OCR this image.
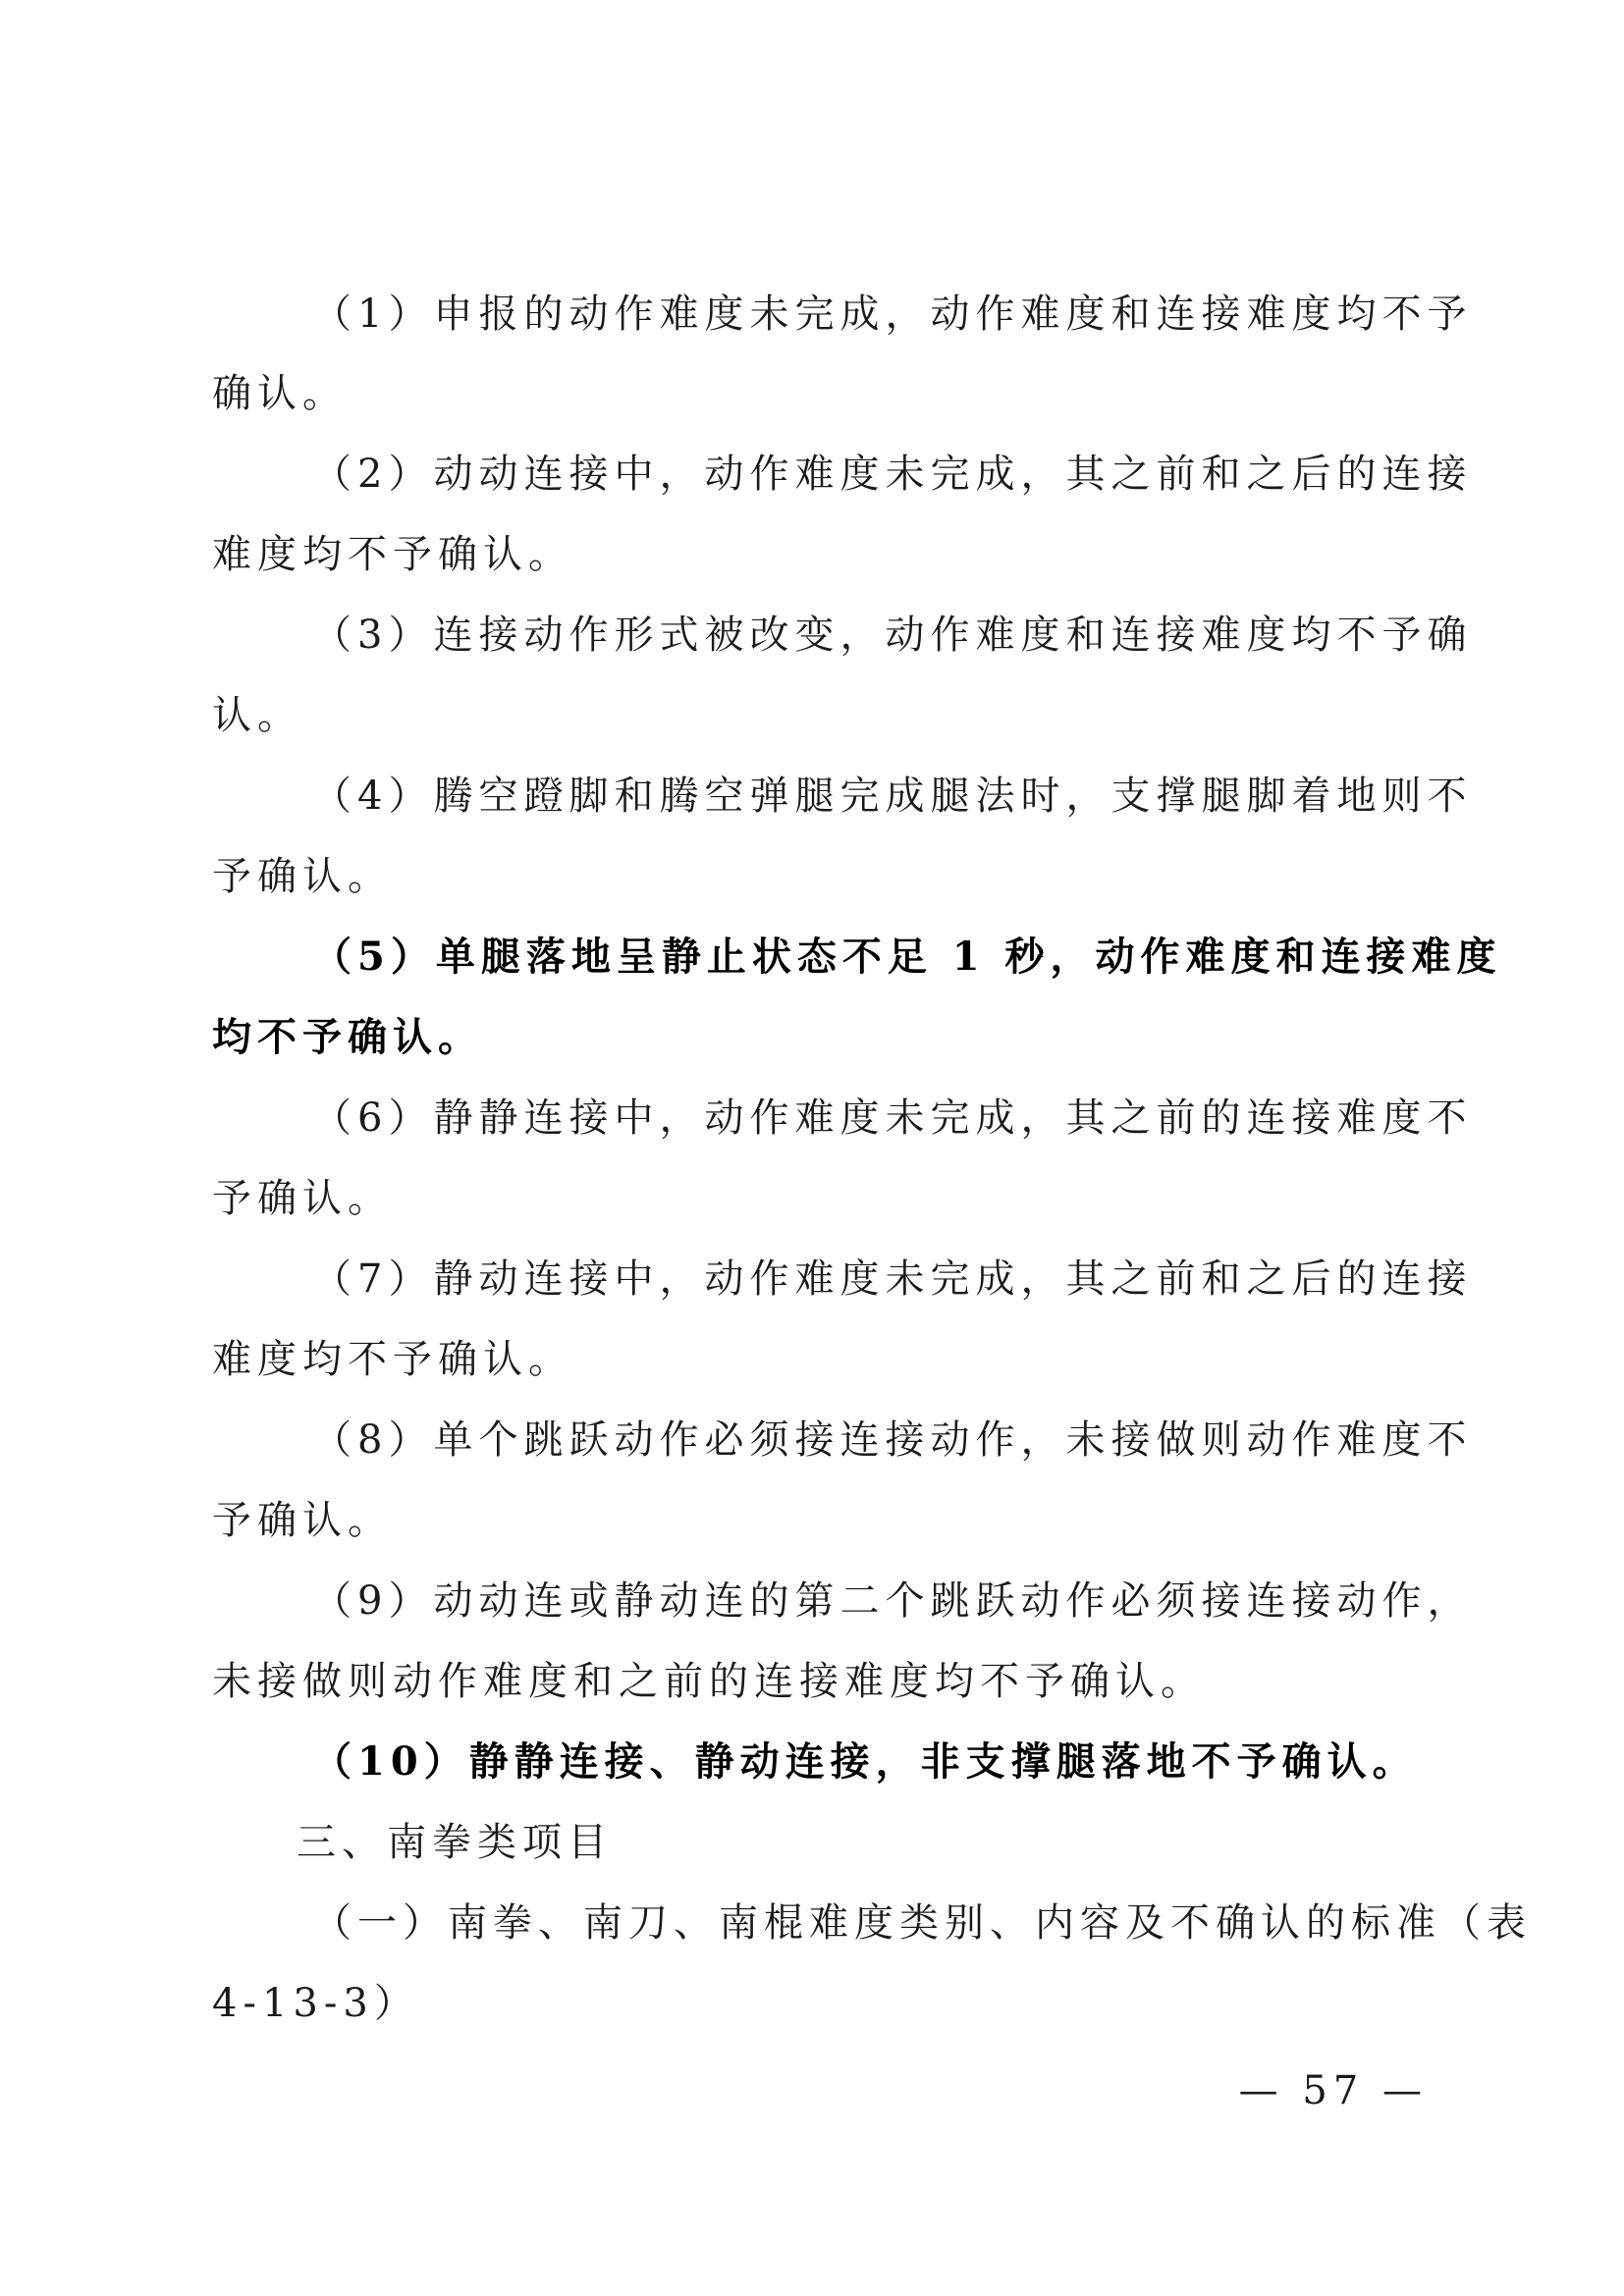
（1）申报的动作难度未完成，动作难度和连接难度均不予
确认。
（2）动动连接中，动作难度未完成，其之前和之后的连接
难度均不予确认。
（3）连接动作形式被改变，动作难度和连接难度均不予确
认。
（4）腾空蹬脚和腾空弹腿完成腿法时，支撑腿脚着地则不
予确认。
（5）单腿落地呈静止状态不足 1 秒，动作难度和连接难度
均不予确认。
（6）静静连接中，动作难度未完成，其之前的连接难度不
予确认。
（7）静动连接中，动作难度未完成，其之前和之后的连接
难度均不予确认。
（8）单个跳跃动作必须接连接动作，未接做则动作难度不
予确认。
（9）动动连或静动连的第二个跳跃动作必须接连接动作，
未接做则动作难度和之前的连接难度均不予确认。
（10）静静连接、静动连接，非支撑腿落地不予确认。
三、南拳类项目
（一）南拳、南刀、南棍难度类别、内容及不确认的标准（表
4-13-3）
— 57 —
